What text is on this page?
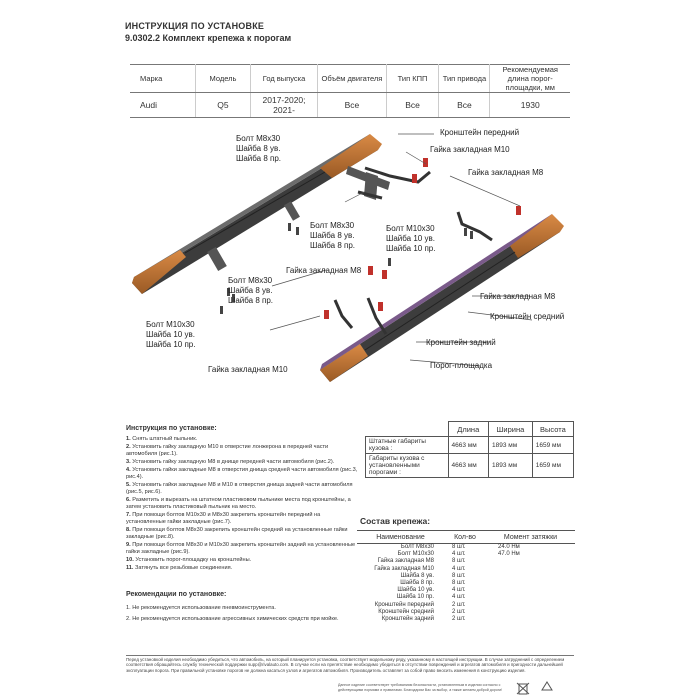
ИНСТРУКЦИЯ ПО УСТАНОВКЕ
9.0302.2 Комплект крепежа к порогам
Марка	Модель	Год выпуска	Объём двигателя	Тип КПП	Тип привода	Рекомендуемая длина порог-площадки, мм
Audi	Q5	2017-2020; 2021-	Все	Все	Все	1930
Болт М8х30
Шайба 8 ув.
Шайба 8 пр.
Болт М8х30
Шайба 8 ув.
Шайба 8 пр.
Болт М8х30
Шайба 8 ув.
Шайба 8 пр.
Болт М10х30
Шайба 10 ув.
Шайба 10 пр.
Болт М10х30
Шайба 10 ув.
Шайба 10 пр.
Кронштейн передний
Гайка закладная М10
Гайка закладная М8
Гайка закладная М8
Гайка закладная М8
Кронштейн средний
Кронштейн задний
Порог-площадка
Гайка закладная М10
Инструкция по установке:

1. Снять штатный пыльник.

2. Установить гайку закладную М10 в отверстие лонжерона в передней части автомобиля (рис.1).

3. Установить гайку закладную М8 в днище передней части автомобиля (рис.2).

4. Установить гайки закладные М8 в отверстия днища средней части автомобиля (рис.3, рис.4).

5. Установить гайки закладные М8 и М10 в отверстия днища задней части автомобиля (рис.5, рис.6).

6. Разметить и вырезать на штатном пластиковом пыльнике места под кронштейны, а затем установить пластиковый пыльник на место.

7. При помощи болтов М10х30 и М8х30 закрепить кронштейн передний на установленные гайки закладные (рис.7).

8. При помощи болтов М8х30 закрепить кронштейн средний на установленные гайки закладные (рис.8).

9. При помощи болтов М8х30 и М10х30 закрепить кронштейн задний на установленные гайки закладные (рис.9).

10. Установить порог-площадку на кронштейны.

11. Затянуть все резьбовые соединения.

Рекомендации по установке:

1. Не рекомендуется использование пневмоинструмента.

2. Не рекомендуется использование агрессивных химических средств при мойке.

	Длина	Ширина	Высота
Штатные габариты кузова :	4663 мм	1893 мм	1659 мм
Габариты кузова с установленными порогами :	4663 мм	1893 мм	1659 мм
Состав крепежа:
Наименование	Кол-во	Момент затяжки
Болт М8х30	8 шт.	24.0 Нм
Болт М10х30	4 шт.	47.0 Нм
Гайка закладная М8	8 шт.	
Гайка закладная М10	4 шт.	
Шайба 8 ув.	8 шт.	
Шайба 8 пр.	8 шт.	
Шайба 10 ув.	4 шт.	
Шайба 10 пр.	4 шт.	
Кронштейн передний	2 шт.	
Кронштейн средний	2 шт.	
Кронштейн задний	2 шт.	
Перед установкой изделия необходимо убедиться, что автомобиль, на который планируется установка, соответствует модельному ряду, указанному в настоящей инструкции. В случае затруднений с определением соответствия обращайтесь службу технической поддержки supp@rivalauto.com. В случае если на препятствие необходимо убедиться в отсутствии повреждений и агрегатов автомобиля и пригодности дальнейшей эксплуатации порога. При правильной установке порогов не должна касаться узлов и агрегатов автомобиля. Производитель оставляет за собой право вносить изменения в конструкцию изделия.
Данное изделие соответствует требованиям безопасности, установленным в изделии согласно с действующими нормами и правилами. Благодарим Вас за выбор, а также желаем доброй дороги!
